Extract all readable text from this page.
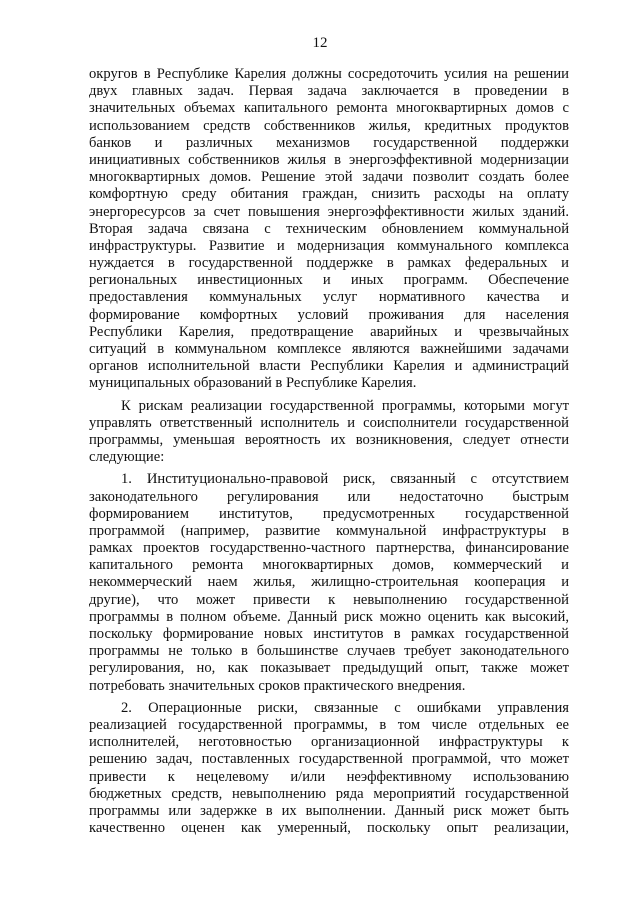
12
округов в Республике Карелия должны сосредоточить усилия на решении
двух главных задач. Первая задача заключается в проведении в
значительных объемах капитального ремонта многоквартирных домов с
использованием средств собственников жилья, кредитных продуктов
банков и различных механизмов государственной поддержки
инициативных собственников жилья в энергоэффективной модернизации
многоквартирных домов. Решение этой задачи позволит создать более
комфортную среду обитания граждан, снизить расходы на оплату
энергоресурсов за счет повышения энергоэффективности жилых зданий.
Вторая задача связана с техническим обновлением коммунальной
инфраструктуры. Развитие и модернизация коммунального комплекса
нуждается в государственной поддержке в рамках федеральных и
региональных инвестиционных и иных программ. Обеспечение
предоставления коммунальных услуг нормативного качества и
формирование комфортных условий проживания для населения
Республики Карелия, предотвращение аварийных и чрезвычайных
ситуаций в коммунальном комплексе являются важнейшими задачами
органов исполнительной власти Республики Карелия и администраций
муниципальных образований в Республике Карелия.
К рискам реализации государственной программы, которыми могут
управлять ответственный исполнитель и соисполнители государственной
программы, уменьшая вероятность их возникновения, следует отнести
следующие:
1. Институционально-правовой риск, связанный с отсутствием
законодательного регулирования или недостаточно быстрым
формированием институтов, предусмотренных государственной
программой (например, развитие коммунальной инфраструктуры в
рамках проектов государственно-частного партнерства, финансирование
капитального ремонта многоквартирных домов, коммерческий и
некоммерческий наем жилья, жилищно-строительная кооперация и
другие), что может привести к невыполнению государственной
программы в полном объеме. Данный риск можно оценить как высокий,
поскольку формирование новых институтов в рамках государственной
программы не только в большинстве случаев требует законодательного
регулирования, но, как показывает предыдущий опыт, также может
потребовать значительных сроков практического внедрения.
2. Операционные риски, связанные с ошибками управления
реализацией государственной программы, в том числе отдельных ее
исполнителей, неготовностью организационной инфраструктуры к
решению задач, поставленных государственной программой, что может
привести к нецелевому и/или неэффективному использованию
бюджетных средств, невыполнению ряда мероприятий государственной
программы или задержке в их выполнении. Данный риск может быть
качественно оценен как умеренный, поскольку опыт реализации,
